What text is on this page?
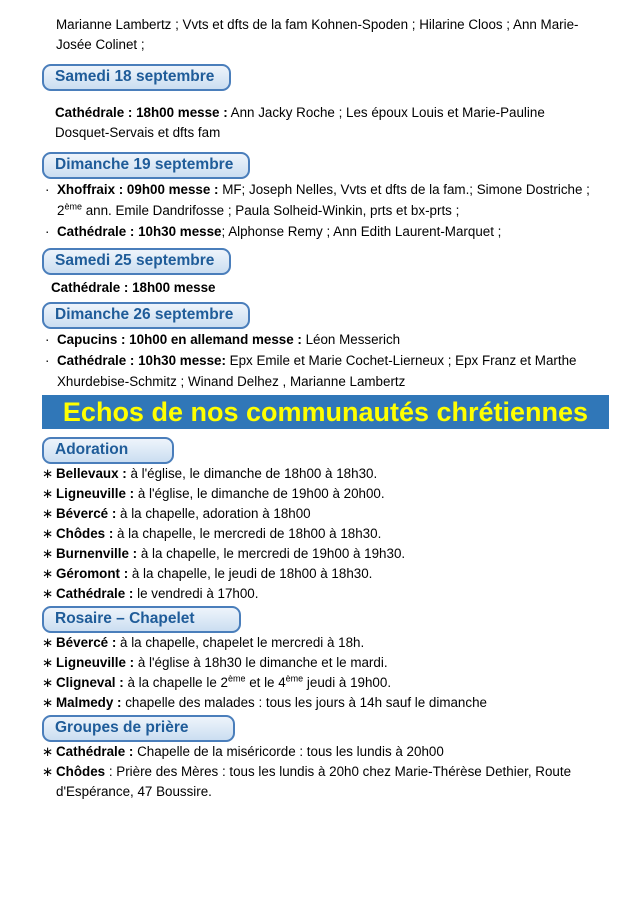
Marianne Lambertz ; Vvts et dfts de la fam Kohnen-Spoden ; Hilarine Cloos ; Ann Marie-Josée Colinet ;

Samedi 18 septembre

Cathédrale : 18h00 messe : Ann Jacky Roche ; Les époux Louis et Marie-Pauline Dosquet-Servais et dfts fam

Dimanche 19 septembre

· Xhoffraix : 09h00 messe : MF; Joseph Nelles, Vvts et dfts de la fam.; Simone Dostriche ; 2ème ann. Emile Dandrifosse ; Paula Solheid-Winkin, prts et bx-prts ;
· Cathédrale : 10h30 messe; Alphonse Remy ; Ann Edith Laurent-Marquet ;

Samedi 25 septembre

Cathédrale : 18h00 messe

Dimanche 26 septembre

· Capucins : 10h00 en allemand messe : Léon Messerich
· Cathédrale : 10h30 messe: Epx Emile et Marie Cochet-Lierneux ; Epx Franz et Marthe Xhurdebise-Schmitz ; Winand Delhez , Marianne Lambertz
Echos de nos communautés chrétiennes

Adoration

∗ Bellevaux : à l'église, le dimanche de 18h00 à 18h30.
∗ Ligneuville : à l'église, le dimanche de 19h00 à 20h00.
∗ Bévercé : à la chapelle, adoration à 18h00
∗ Chôdes : à la chapelle, le mercredi de 18h00 à 18h30.
∗ Burnenville : à la chapelle, le mercredi de 19h00 à 19h30.
∗ Géromont : à la chapelle, le jeudi de 18h00 à 18h30.
∗ Cathédrale : le vendredi à 17h00.

Rosaire – Chapelet

∗ Bévercé : à la chapelle, chapelet le mercredi à 18h.
∗ Ligneuville : à l'église à 18h30 le dimanche et le mardi.
∗ Cligneval : à la chapelle le 2ème et le 4ème jeudi à 19h00.
∗ Malmedy : chapelle des malades : tous les jours à 14h sauf le dimanche

Groupes de prière

∗ Cathédrale : Chapelle de la miséricorde : tous les lundis à 20h00
∗ Chôdes : Prière des Mères : tous les lundis à 20h0 chez Marie-Thérèse Dethier, Route d'Espérance, 47 Boussire.
